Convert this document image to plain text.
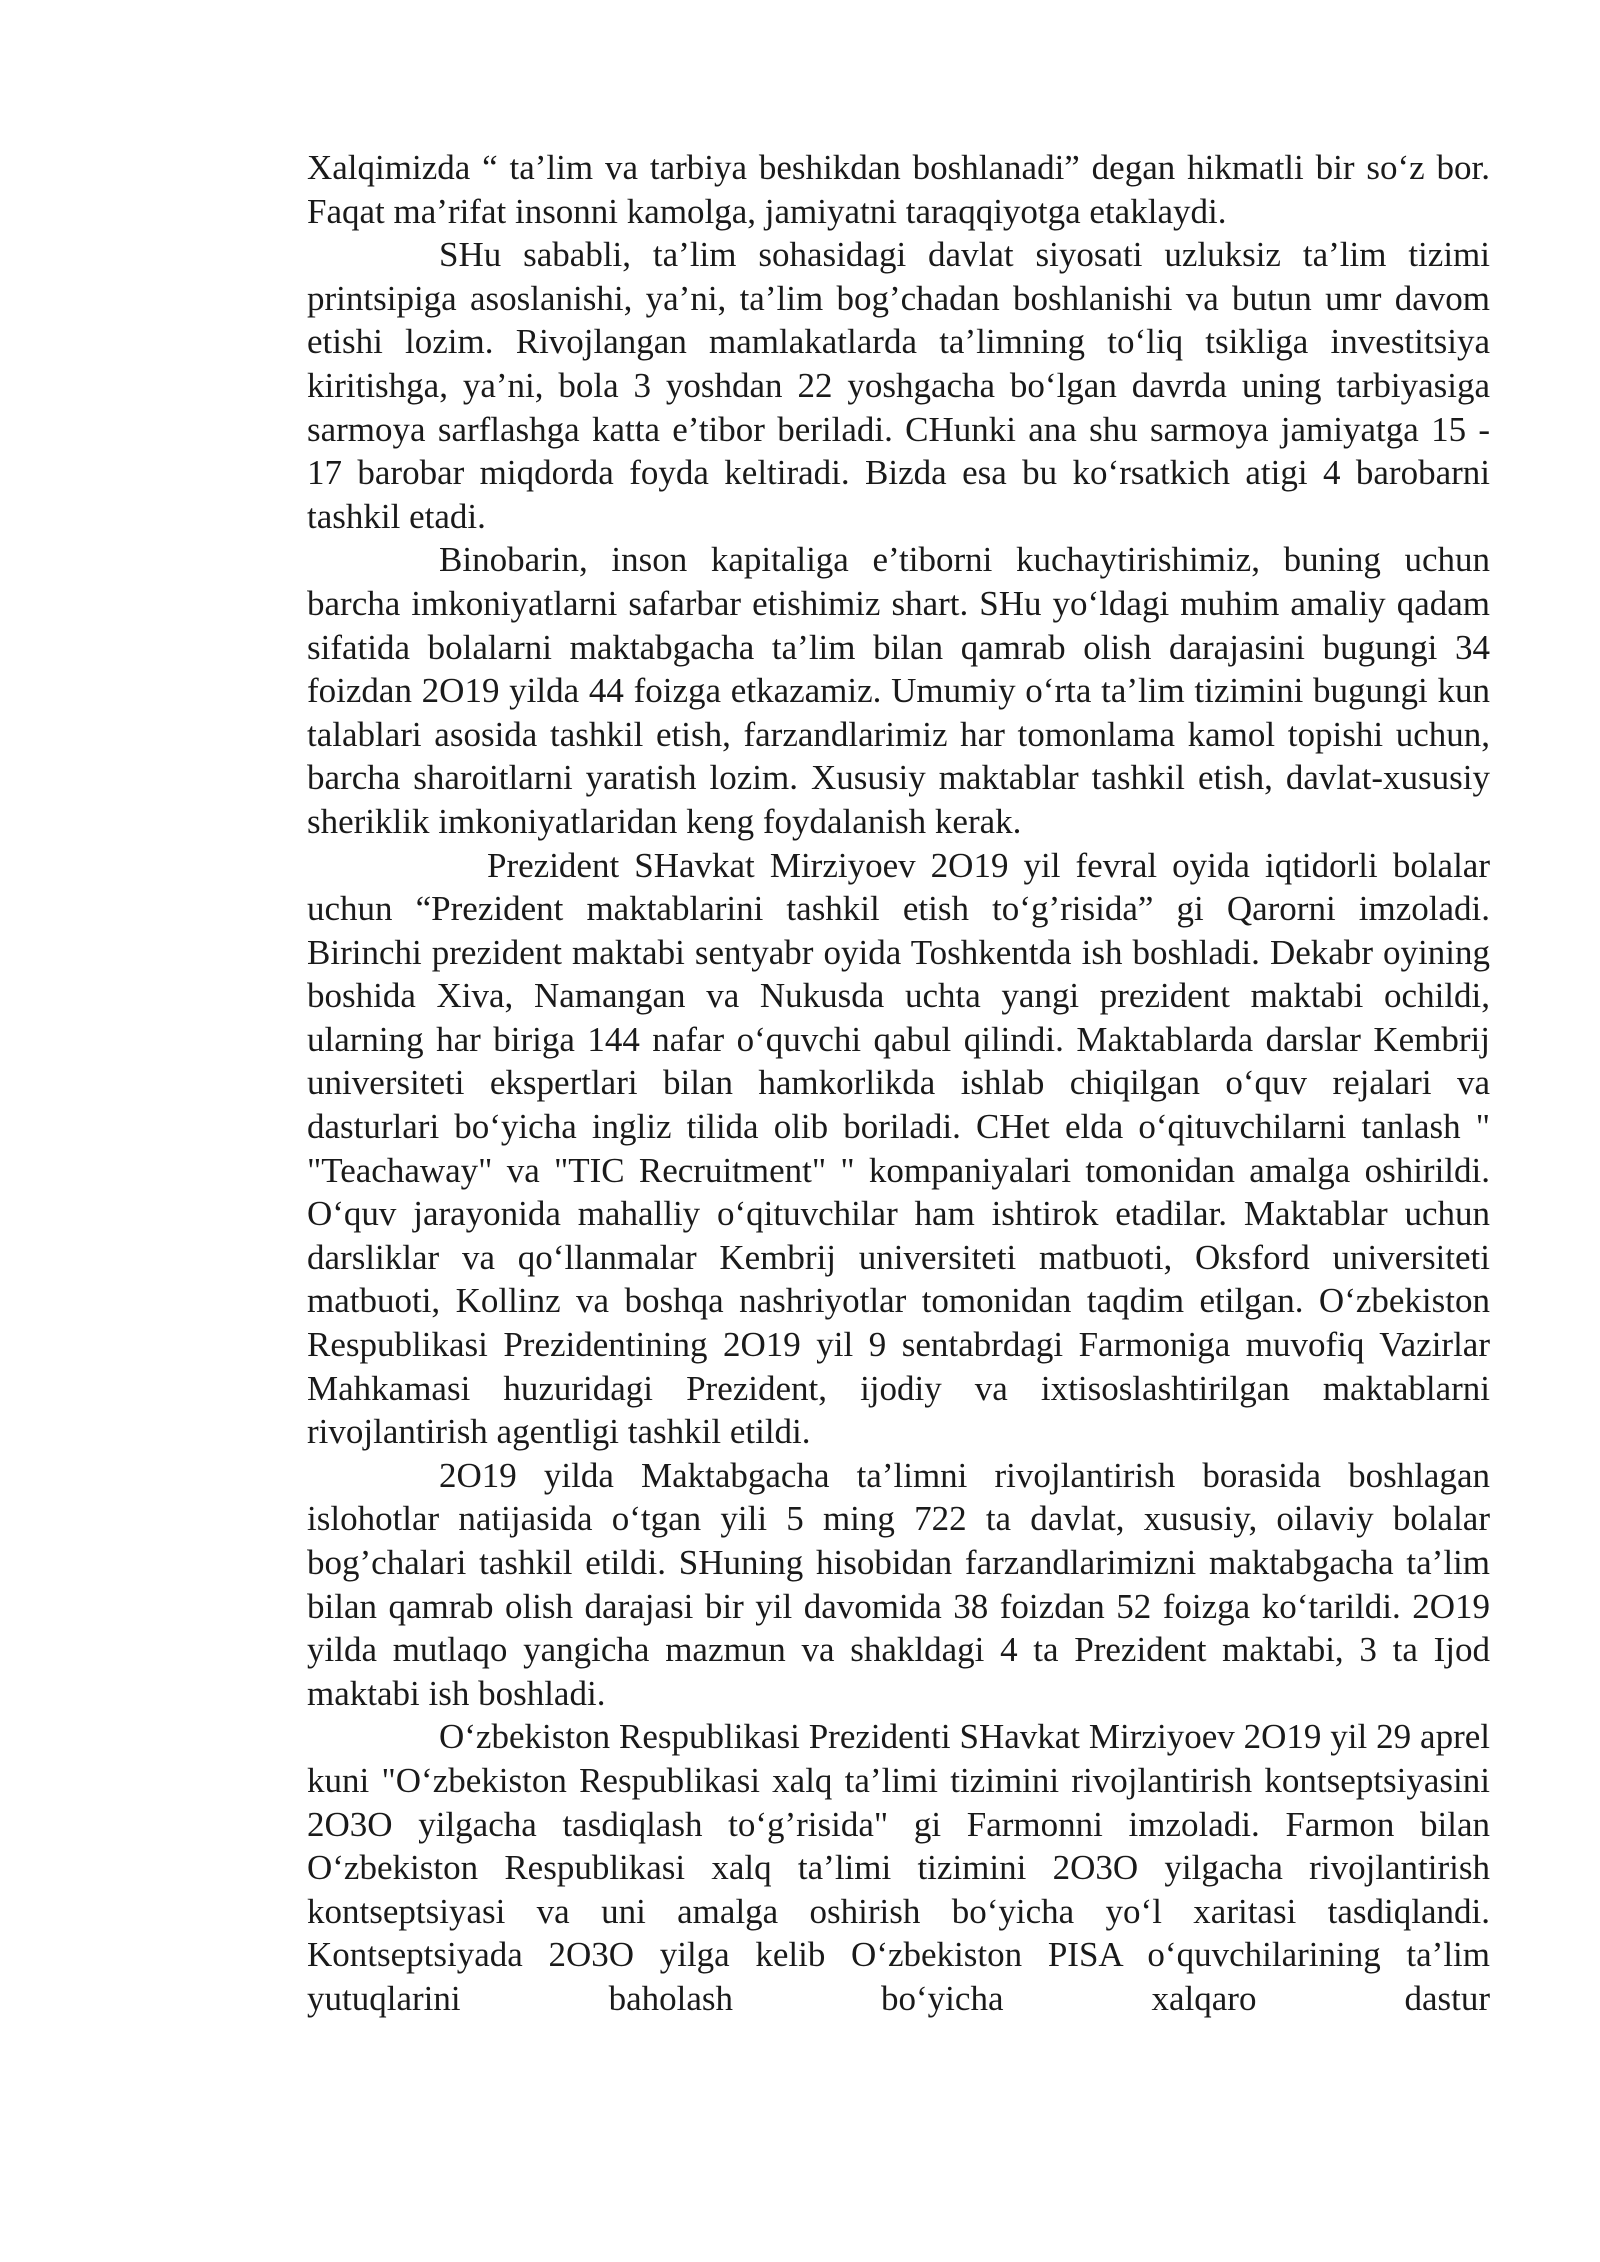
Xalqimizda “ ta’lim va tarbiya beshikdan boshlanadi” degan hikmatli bir so‘z bor. Faqat ma’rifat insonni kamolga, jamiyatni taraqqiyotga etaklaydi.

SHu sababli, ta’lim sohasidagi davlat siyosati uzluksiz ta’lim tizimi printsipiga asoslanishi, ya’ni, ta’lim bog’chadan boshlanishi va butun umr davom etishi lozim. Rivojlangan mamlakatlarda ta’limning to‘liq tsikliga investitsiya kiritishga, ya’ni, bola 3 yoshdan 22 yoshgacha bo‘lgan davrda uning tarbiyasiga sarmoya sarflashga katta e’tibor beriladi. CHunki ana shu sarmoya jamiyatga 15 - 17 barobar miqdorda foyda keltiradi. Bizda esa bu ko‘rsatkich atigi 4 barobarni tashkil etadi.

Binobarin, inson kapitaliga e’tiborni kuchaytirishimiz, buning uchun barcha imkoniyatlarni safarbar etishimiz shart. SHu yo‘ldagi muhim amaliy qadam sifatida bolalarni maktabgacha ta’lim bilan qamrab olish darajasini bugungi 34 foizdan 2O19 yilda 44 foizga etkazamiz. Umumiy o‘rta ta’lim tizimini bugungi kun talablari asosida tashkil etish, farzandlarimiz har tomonlama kamol topishi uchun, barcha sharoitlarni yaratish lozim. Xususiy maktablar tashkil etish, davlat-xususiy sheriklik imkoniyatlaridan keng foydalanish kerak.

Prezident SHavkat Mirziyoev 2O19 yil fevral oyida iqtidorli bolalar uchun “Prezident maktablarini tashkil etish to‘g’risida” gi Qarorni imzoladi. Birinchi prezident maktabi sentyabr oyida Toshkentda ish boshladi. Dekabr oyining boshida Xiva, Namangan va Nukusda uchta yangi prezident maktabi ochildi, ularning har biriga 144 nafar o‘quvchi qabul qilindi. Maktablarda darslar Kembrij universiteti ekspertlari bilan hamkorlikda ishlab chiqilgan o‘quv rejalari va dasturlari bo‘yicha ingliz tilida olib boriladi. CHet elda o‘qituvchilarni tanlash " "Teachaway" va "TIC Recruitment" " kompaniyalari tomonidan amalga oshirildi. O‘quv jarayonida mahalliy o‘qituvchilar ham ishtirok etadilar. Maktablar uchun darsliklar va qo‘llanmalar Kembrij universiteti matbuoti, Oksford universiteti matbuoti, Kollinz va boshqa nashriyotlar tomonidan taqdim etilgan. O‘zbekiston Respublikasi Prezidentining 2O19 yil 9 sentabrdagi Farmoniga muvofiq Vazirlar Mahkamasi huzuridagi Prezident, ijodiy va ixtisoslashtirilgan maktablarni rivojlantirish agentligi tashkil etildi.

2O19 yilda Maktabgacha ta’limni rivojlantirish borasida boshlagan islohotlar natijasida o‘tgan yili 5 ming 722 ta davlat, xususiy, oilaviy bolalar bog’chalari tashkil etildi. SHuning hisobidan farzandlarimizni maktabgacha ta’lim bilan qamrab olish darajasi bir yil davomida 38 foizdan 52 foizga ko‘tarildi. 2O19 yilda mutlaqo yangicha mazmun va shakldagi 4 ta Prezident maktabi, 3 ta Ijod maktabi ish boshladi.

O‘zbekiston Respublikasi Prezidenti SHavkat Mirziyoev 2O19 yil 29 aprel kuni "O‘zbekiston Respublikasi xalq ta’limi tizimini rivojlantirish kontseptsiyasini 2O3O yilgacha tasdiqlash to‘g’risida" gi Farmonni imzoladi. Farmon bilan O‘zbekiston Respublikasi xalq ta’limi tizimini 2O3O yilgacha rivojlantirish kontseptsiyasi va uni amalga oshirish bo‘yicha yo‘l xaritasi tasdiqlandi. Kontseptsiyada 2O3O yilga kelib O‘zbekiston PISA o‘quvchilarining ta’lim yutuqlarini baholash bo‘yicha xalqaro dastur
